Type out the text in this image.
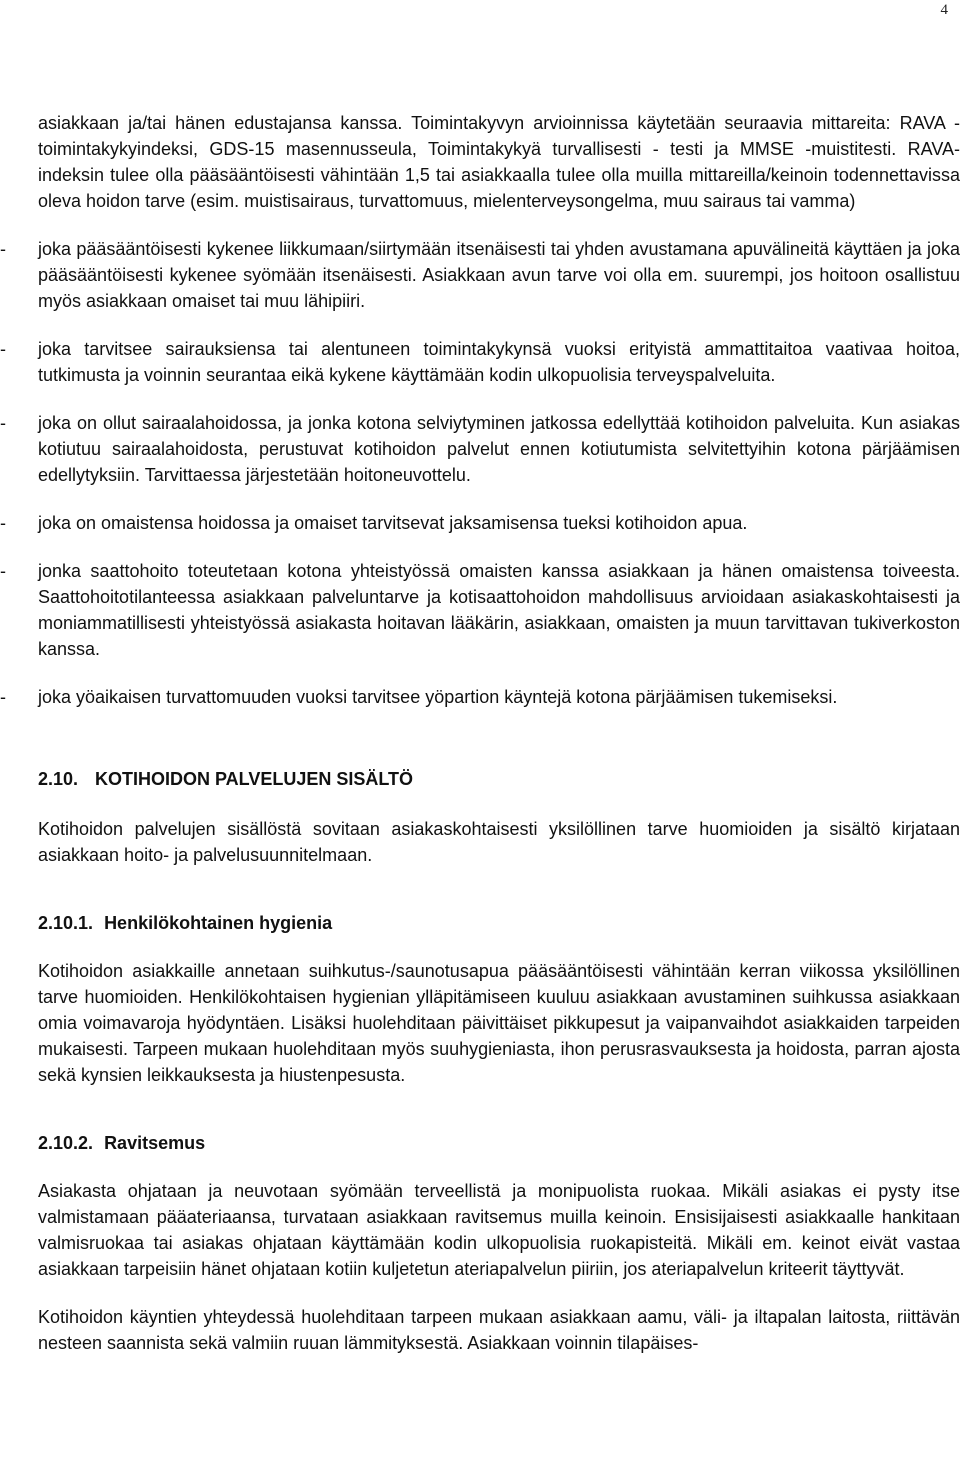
4

asiakkaan ja/tai hänen edustajansa kanssa. Toimintakyvyn arvioinnissa käytetään seuraavia mittareita: RAVA -toimintakykyindeksi, GDS-15 masennusseula, Toimintakykyä turvallisesti - testi ja MMSE -muistitesti. RAVA-indeksin tulee olla pääsääntöisesti vähintään 1,5 tai asiakkaalla tulee olla muilla mittareilla/keinoin todennettavissa oleva hoidon tarve (esim. muistisairaus, turvattomuus, mielenterveysongelma, muu sairaus tai vamma)

- joka pääsääntöisesti kykenee liikkumaan/siirtymään itsenäisesti tai yhden avustamana apuvälineitä käyttäen ja joka pääsääntöisesti kykenee syömään itsenäisesti. Asiakkaan avun tarve voi olla em. suurempi, jos hoitoon osallistuu myös asiakkaan omaiset tai muu lähipiiri.
- joka tarvitsee sairauksiensa tai alentuneen toimintakykynsä vuoksi erityistä ammattitaitoa vaativaa hoitoa, tutkimusta ja voinnin seurantaa eikä kykene käyttämään kodin ulkopuolisia terveyspalveluita.
- joka on ollut sairaalahoidossa, ja jonka kotona selviytyminen jatkossa edellyttää kotihoidon palveluita. Kun asiakas kotiutuu sairaalahoidosta, perustuvat kotihoidon palvelut ennen kotiutumista selvitettyihin kotona pärjäämisen edellytyksiin. Tarvittaessa järjestetään hoitoneuvottelu.
- joka on omaistensa hoidossa ja omaiset tarvitsevat jaksamisensa tueksi kotihoidon apua.
- jonka saattohoito toteutetaan kotona yhteistyössä omaisten kanssa asiakkaan ja hänen omaistensa toiveesta. Saattohoitotilanteessa asiakkaan palveluntarve ja kotisaattohoidon mahdollisuus arvioidaan asiakaskohtaisesti ja moniammatillisesti yhteistyössä asiakasta hoitavan lääkärin, asiakkaan, omaisten ja muun tarvittavan tukiverkoston kanssa.
- joka yöaikaisen turvattomuuden vuoksi tarvitsee yöpartion käyntejä kotona pärjäämisen tukemiseksi.
2.10. KOTIHOIDON PALVELUJEN SISÄLTÖ

Kotihoidon palvelujen sisällöstä sovitaan asiakaskohtaisesti yksilöllinen tarve huomioiden ja sisältö kirjataan asiakkaan hoito- ja palvelusuunnitelmaan.

2.10.1. Henkilökohtainen hygienia

Kotihoidon asiakkaille annetaan suihkutus-/saunotusapua pääsääntöisesti vähintään kerran viikossa yksilöllinen tarve huomioiden. Henkilökohtaisen hygienian ylläpitämiseen kuuluu asiakkaan avustaminen suihkussa asiakkaan omia voimavaroja hyödyntäen. Lisäksi huolehditaan päivittäiset pikkupesut ja vaipanvaihdot asiakkaiden tarpeiden mukaisesti. Tarpeen mukaan huolehditaan myös suuhygieniasta, ihon perusrasvauksesta ja hoidosta, parran ajosta sekä kynsien leikkauksesta ja hiustenpesusta.

2.10.2. Ravitsemus

Asiakasta ohjataan ja neuvotaan syömään terveellistä ja monipuolista ruokaa. Mikäli asiakas ei pysty itse valmistamaan pääateriaansa, turvataan asiakkaan ravitsemus muilla keinoin. Ensisijaisesti asiakkaalle hankitaan valmisruokaa tai asiakas ohjataan käyttämään kodin ulkopuolisia ruokapisteitä. Mikäli em. keinot eivät vastaa asiakkaan tarpeisiin hänet ohjataan kotiin kuljetetun ateriapalvelun piiriin, jos ateriapalvelun kriteerit täyttyvät.

Kotihoidon käyntien yhteydessä huolehditaan tarpeen mukaan asiakkaan aamu, väli- ja iltapalan laitosta, riittävän nesteen saannista sekä valmiin ruuan lämmityksestä. Asiakkaan voinnin tilapäises-
